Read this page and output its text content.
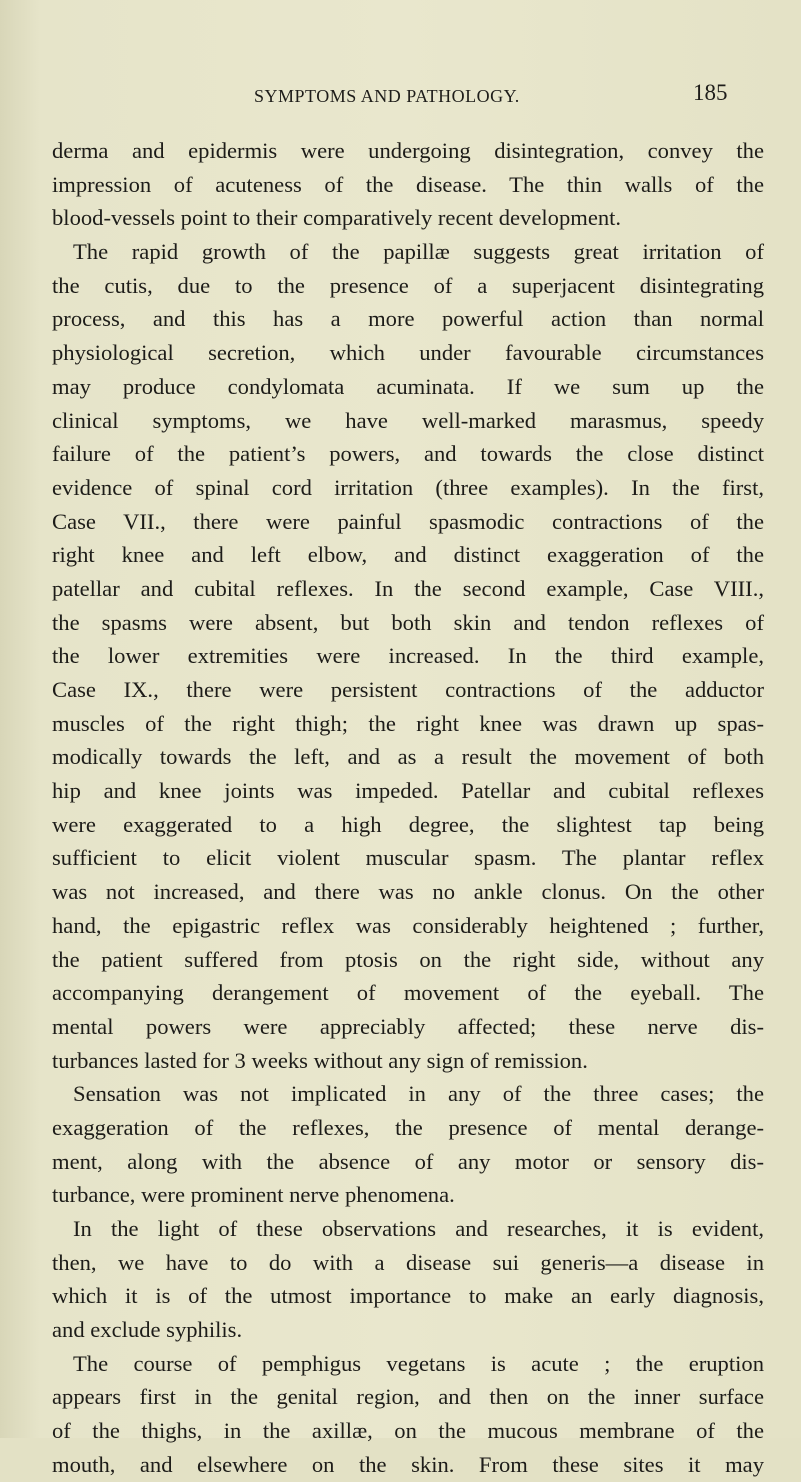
SYMPTOMS AND PATHOLOGY.	185
derma and epidermis were undergoing disintegration, convey the
impression of acuteness of the disease. The thin walls of the
blood-vessels point to their comparatively recent development.
The rapid growth of the papillæ suggests great irritation of
the cutis, due to the presence of a superjacent disintegrating
process, and this has a more powerful action than normal
physiological secretion, which under favourable circumstances
may produce condylomata acuminata. If we sum up the
clinical symptoms, we have well-marked marasmus, speedy
failure of the patient’s powers, and towards the close distinct
evidence of spinal cord irritation (three examples). In the first,
Case VII., there were painful spasmodic contractions of the
right knee and left elbow, and distinct exaggeration of the
patellar and cubital reflexes. In the second example, Case VIII.,
the spasms were absent, but both skin and tendon reflexes of
the lower extremities were increased. In the third example,
Case IX., there were persistent contractions of the adductor
muscles of the right thigh; the right knee was drawn up spas-
modically towards the left, and as a result the movement of both
hip and knee joints was impeded. Patellar and cubital reflexes
were exaggerated to a high degree, the slightest tap being
sufficient to elicit violent muscular spasm. The plantar reflex
was not increased, and there was no ankle clonus. On the other
hand, the epigastric reflex was considerably heightened ; further,
the patient suffered from ptosis on the right side, without any
accompanying derangement of movement of the eyeball. The
mental powers were appreciably affected; these nerve dis-
turbances lasted for 3 weeks without any sign of remission.
Sensation was not implicated in any of the three cases; the
exaggeration of the reflexes, the presence of mental derange-
ment, along with the absence of any motor or sensory dis-
turbance, were prominent nerve phenomena.
In the light of these observations and researches, it is evident,
then, we have to do with a disease sui generis—a disease in
which it is of the utmost importance to make an early diagnosis,
and exclude syphilis.
The course of pemphigus vegetans is acute ; the eruption
appears first in the genital region, and then on the inner surface
of the thighs, in the axillæ, on the mucous membrane of the
mouth, and elsewhere on the skin. From these sites it may
